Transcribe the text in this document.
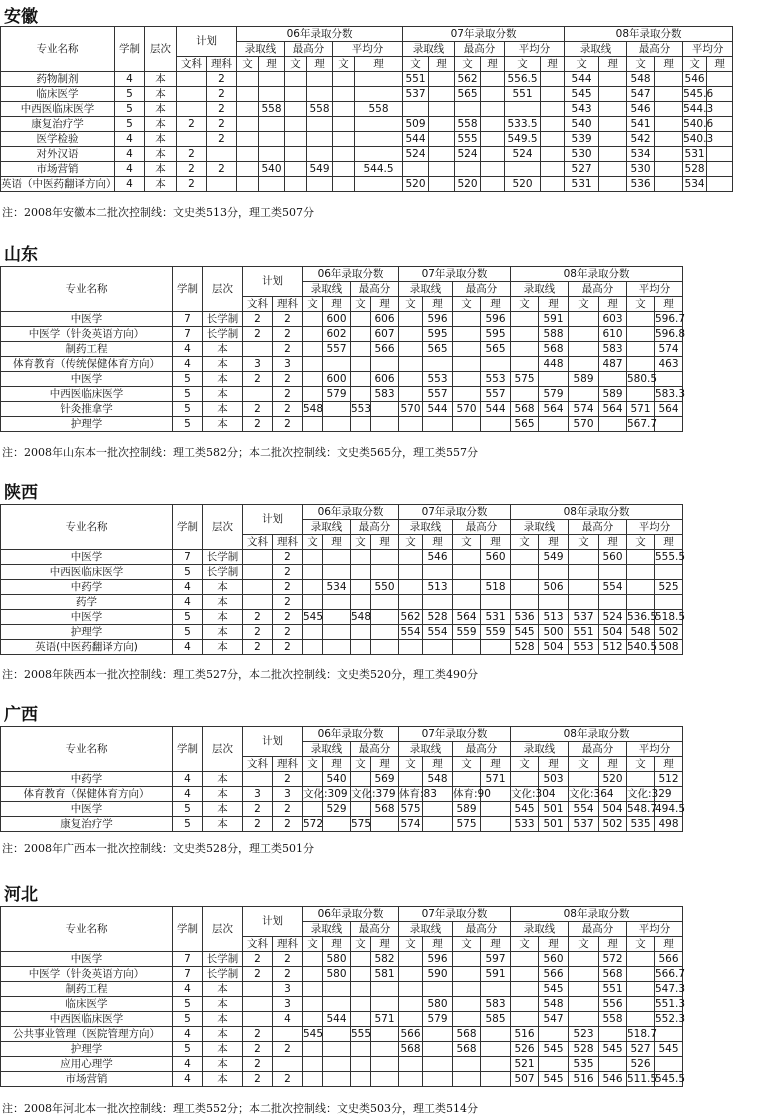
安徽
专业名称	学制	层次	计划		06年录取分数						07年录取分数						08年录取分数					
					录取线		最高分		平均分		录取线		最高分		平均分		录取线		最高分		平均分	
			文科	理科	文	理	文	理	文	理	文	理	文	理	文	理	文	理	文	理	文	理
药物制剂	4	本		2							551		562		556.5		544		548		546	
临床医学	5	本		2							537		565		551		545		547		545.6	
中西医临床医学	5	本		2		558		558		558							543		546		544.3	
康复治疗学	5	本	2	2							509		558		533.5		540		541		540.6	
医学检验	4	本		2							544		555		549.5		539		542		540.3	
对外汉语	4	本	2								524		524		524		530		534		531	
市场营销	4	本	2	2		540		549		544.5							527		530		528	
英语（中医药翻译方向）	4	本	2								520		520		520		531		536		534	
注：2008年安徽本二批次控制线：文史类513分，理工类507分
山东
专业名称	学制	层次	计划		06年录取分数				07年录取分数				08年录取分数					
					录取线		最高分		录取线		最高分		录取线		最高分		平均分	
			文科	理科	文	理	文	理	文	理	文	理	文	理	文	理	文	理
中医学	7	长学制	2	2		600		606		596		596		591		603		596.7
中医学（针灸英语方向）	7	长学制	2	2		602		607		595		595		588		610		596.8
制药工程	4	本		2		557		566		565		565		568		583		574
体育教育（传统保健体育方向）	4	本	3	3										448		487		463
中医学	5	本	2	2		600		606		553		553	575		589		580.5	
中西医临床医学	5	本		2		579		583		557		557		579		589		583.3
针灸推拿学	5	本	2	2	548		553		570	544	570	544	568	564	574	564	571	564
护理学	5	本	2	2									565		570		567.7	
注：2008年山东本一批次控制线：理工类582分；本二批次控制线：文史类565分，理工类557分
陕西
专业名称	学制	层次	计划		06年录取分数				07年录取分数				08年录取分数					
					录取线		最高分		录取线		最高分		录取线		最高分		平均分	
			文科	理科	文	理	文	理	文	理	文	理	文	理	文	理	文	理
中医学	7	长学制		2						546		560		549		560		555.5
中西医临床医学	5	长学制		2														
中药学	4	本		2		534		550		513		518		506		554		525
药学	4	本		2														
中医学	5	本	2	2	545		548		562	528	564	531	536	513	537	524	536.5	518.5
护理学	5	本	2	2					554	554	559	559	545	500	551	504	548	502
英语(中医药翻译方向)	4	本	2	2									528	504	553	512	540.5	508
注：2008年陕西本一批次控制线：理工类527分，本二批次控制线：文史类520分，理工类490分
广西
专业名称	学制	层次	计划		06年录取分数				07年录取分数				08年录取分数					
					录取线		最高分		录取线		最高分		录取线		最高分		平均分	
			文科	理科	文	理	文	理	文	理	文	理	文	理	文	理	文	理
中药学	4	本		2		540		569		548		571		503		520		512
体育教育（保健体育方向）	4	本	3	3	文化:309		文化:379		体育:83		体育:90		文化:304		文化:364		文化:329	
中医学	5	本	2	2		529		568	575		589		545	501	554	504	548.7	494.5
康复治疗学	5	本	2	2	572		575		574		575		533	501	537	502	535	498
注：2008年广西本一批次控制线：文史类528分，理工类501分
河北
专业名称	学制	层次	计划		06年录取分数				07年录取分数				08年录取分数					
					录取线		最高分		录取线		最高分		录取线		最高分		平均分	
			文科	理科	文	理	文	理	文	理	文	理	文	理	文	理	文	理
中医学	7	长学制	2	2		580		582		596		597		560		572		566
中医学（针灸英语方向）	7	长学制	2	2		580		581		590		591		566		568		566.7
制药工程	4	本		3										545		551		547.3
临床医学	5	本		3						580		583		548		556		551.3
中西医临床医学	5	本		4		544		571		579		585		547		558		552.3
公共事业管理（医院管理方向）	4	本	2		545		555		566		568		516		523		518.7	
护理学	5	本	2	2					568		568		526	545	528	545	527	545
应用心理学	4	本	2										521		535		526	
市场营销	4	本	2	2									507	545	516	546	511.5	545.5
注：2008年河北本一批次控制线：理工类552分；本二批次控制线：文史类503分，理工类514分
